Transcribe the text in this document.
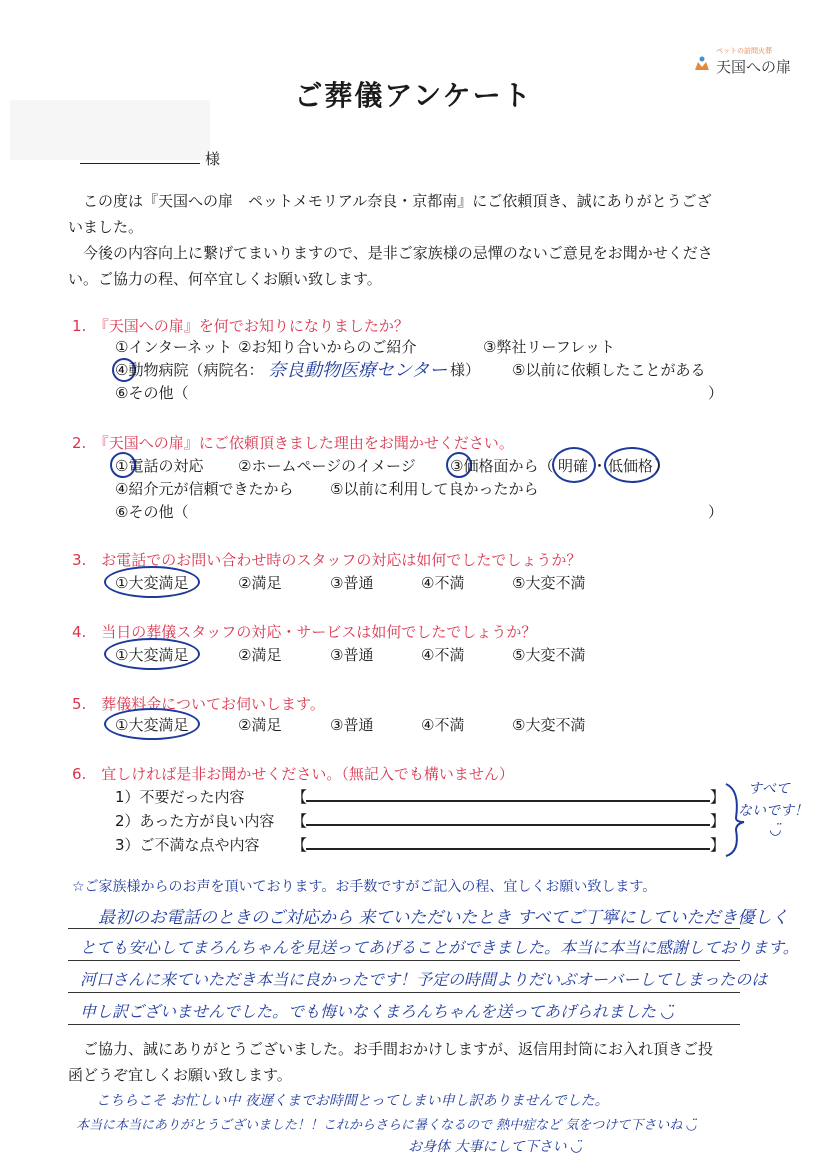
ペットの訪問火葬
天国への扉
ご葬儀アンケート
様
この度は『天国への扉　ペットメモリアル奈良・京都南』にご依頼頂き、誠にありがとうござ
いました。
今後の内容向上に繋げてまいりますので、是非ご家族様の忌憚のないご意見をお聞かせくださ
い。ご協力の程、何卒宜しくお願い致します。
1.　『天国への扉』を何でお知りになりましたか？
①インターネット ②お知り合いからのご紹介	③弊社リーフレット
④動物病院（病院名： 奈良動物医療センター 様） ⑤以前に依頼したことがある
⑥その他（	）
2.　『天国への扉』にご依頼頂きました理由をお聞かせください。
①電話の対応 ②ホームページのイメージ ③価格面から（ 明確 ・ 低価格 ）
④紹介元が信頼できたから ⑤以前に利用して良かったから
⑥その他（	）
3.　お電話でのお問い合わせ時のスタッフの対応は如何でしたでしょうか？
①大変満足	②満足	③普通	④不満	⑤大変不満
4.　当日の葬儀スタッフの対応・サービスは如何でしたでしょうか？
①大変満足	②満足	③普通	④不満	⑤大変不満
5.　葬儀料金についてお伺いします。
①大変満足	②満足	③普通	④不満	⑤大変不満
6.　宜しければ是非お聞かせください。（無記入でも構いません）
1）不要だった内容	【	】
2）あった方が良い内容 【	】
3）ご不満な点や内容 【	】
すべて
ないです！
◡̈
☆ご家族様からのお声を頂いております。お手数ですがご記入の程、宜しくお願い致します。
最初のお電話のときのご対応から 来ていただいたとき すべてご丁寧にしていただき優しく
とても安心してまろんちゃんを見送ってあげることができました。本当に本当に感謝しております。
河口さんに来ていただき本当に良かったです！予定の時間よりだいぶオーバーしてしまったのは
申し訳ございませんでした。でも悔いなくまろんちゃんを送ってあげられました ◡̈
ご協力、誠にありがとうございました。お手間おかけしますが、返信用封筒にお入れ頂きご投
函どうぞ宜しくお願い致します。
こちらこそ お忙しい中 夜遅くまでお時間とってしまい申し訳ありませんでした。
本当に本当にありがとうございました！！これからさらに暑くなるので 熱中症など 気をつけて下さいね ◡̈
お身体 大事にして下さい ◡̈
